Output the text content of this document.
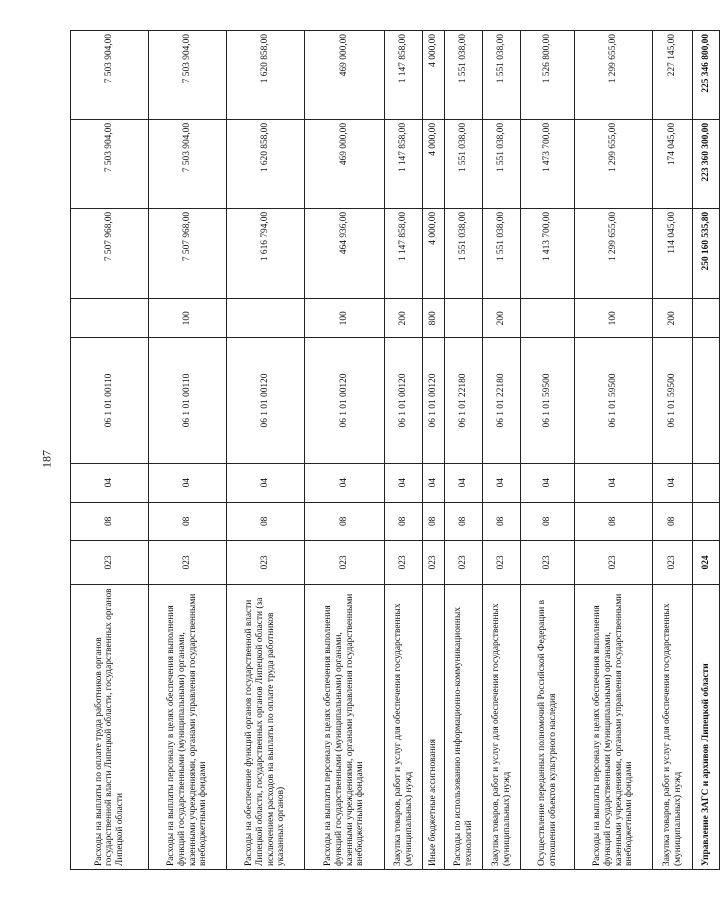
187
Расходы на выплаты по оплате труда работников органов государственной власти Липецкой области, государственных органов Липецкой области	023	08	04	06 1 01 00110		7 507 968,00	7 503 904,00	7 503 904,00
Расходы на выплаты персоналу в целях обеспечения выполнения функций государственными (муниципальными) органами, казенными учреждениями, органами управления государственными внебюджетными фондами	023	08	04	06 1 01 00110	100	7 507 968,00	7 503 904,00	7 503 904,00
Расходы на обеспечение функций органов государственной власти Липецкой области, государственных органов Липецкой области (за исключением расходов на выплаты по оплате труда работников указанных органов)	023	08	04	06 1 01 00120		1 616 794,00	1 620 858,00	1 620 858,00
Расходы на выплаты персоналу в целях обеспечения выполнения функций государственными (муниципальными) органами, казенными учреждениями, органами управления государственными внебюджетными фондами	023	08	04	06 1 01 00120	100	464 936,00	469 000,00	469 000,00
Закупка товаров, работ и услуг для обеспечения государственных (муниципальных) нужд	023	08	04	06 1 01 00120	200	1 147 858,00	1 147 858,00	1 147 858,00
Иные бюджетные ассигнования	023	08	04	06 1 01 00120	800	4 000,00	4 000,00	4 000,00
Расходы по использованию информационно-коммуникационных технологий	023	08	04	06 1 01 22180		1 551 038,00	1 551 038,00	1 551 038,00
Закупка товаров, работ и услуг для обеспечения государственных (муниципальных) нужд	023	08	04	06 1 01 22180	200	1 551 038,00	1 551 038,00	1 551 038,00
Осуществление переданных полномочий Российской Федерации в отношении объектов культурного наследия	023	08	04	06 1 01 59500		1 413 700,00	1 473 700,00	1 526 800,00
Расходы на выплаты персоналу в целях обеспечения выполнения функций государственными (муниципальными) органами, казенными учреждениями, органами управления государственными внебюджетными фондами	023	08	04	06 1 01 59500	100	1 299 655,00	1 299 655,00	1 299 655,00
Закупка товаров, работ и услуг для обеспечения государственных (муниципальных) нужд	023	08	04	06 1 01 59500	200	114 045,00	174 045,00	227 145,00
Управление ЗАГС и архивов Липецкой области	024					250 160 535,80	223 360 300,00	225 346 800,00
